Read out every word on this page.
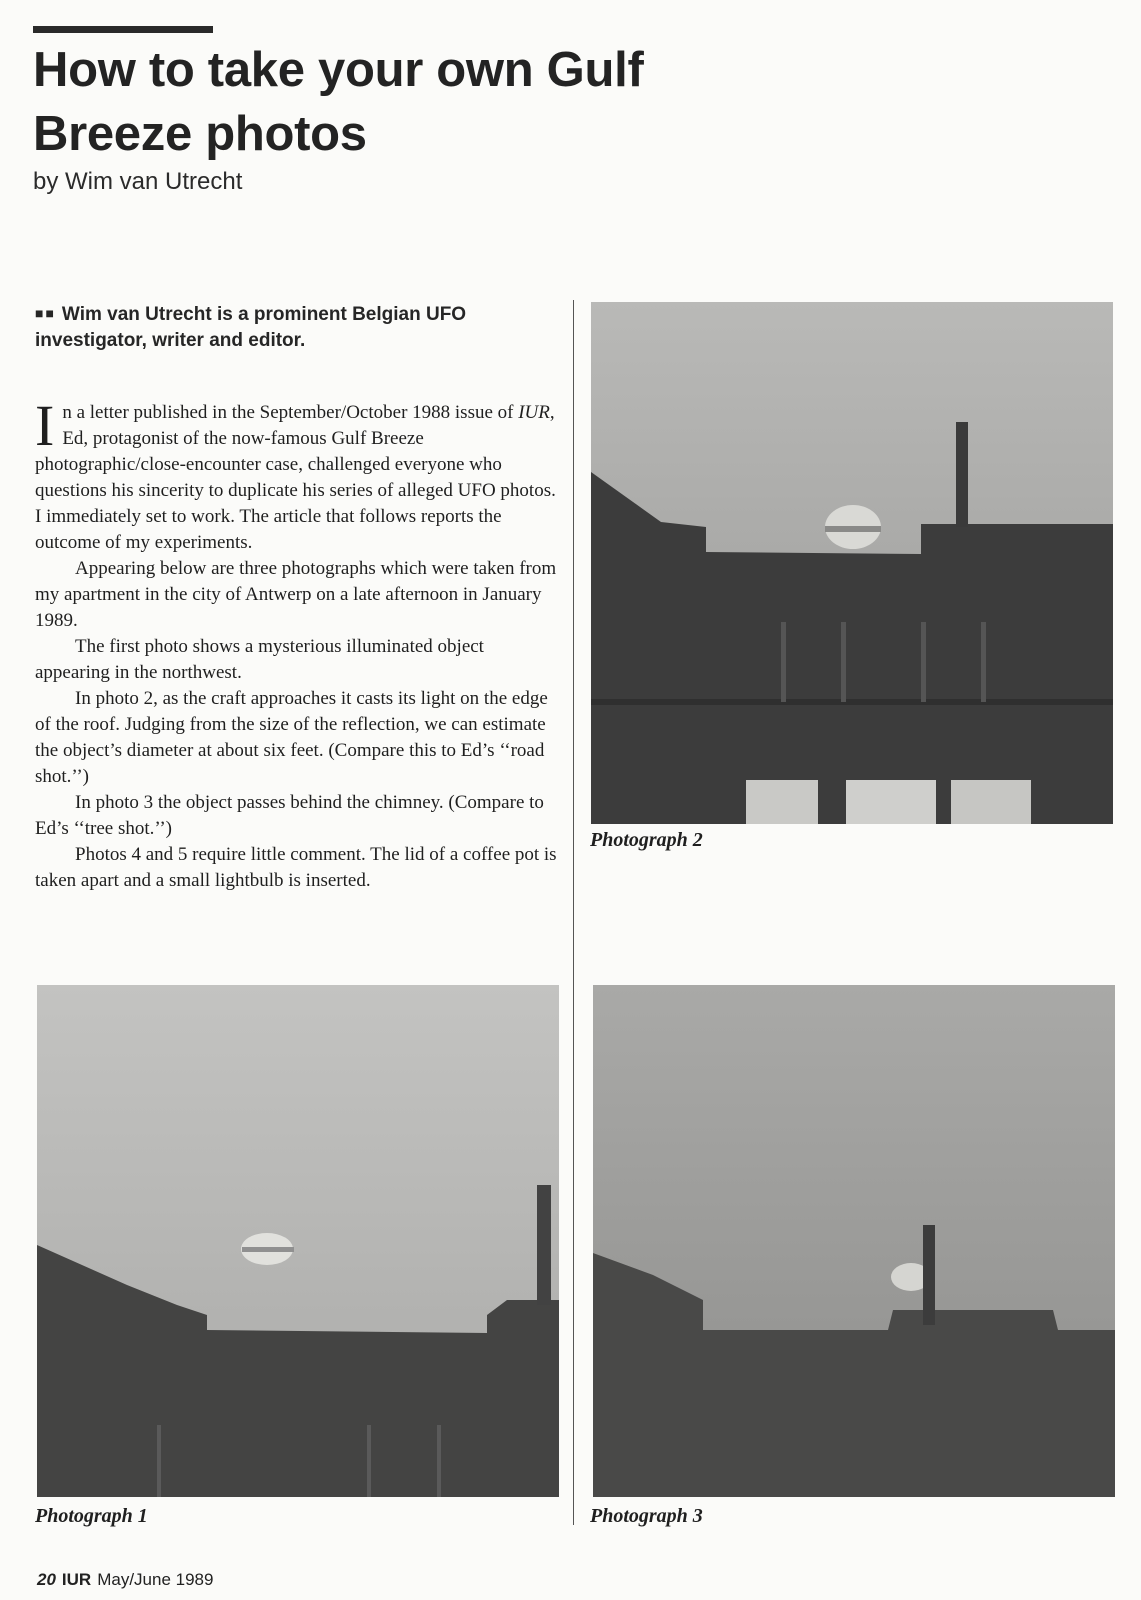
How to take your own Gulf Breeze photos

by Wim van Utrecht

■■ Wim van Utrecht is a prominent Belgian UFO investigator, writer and editor.

In a letter published in the September/October 1988 issue of IUR, Ed, protagonist of the now-famous Gulf Breeze photographic/close-encounter case, challenged everyone who questions his sincerity to duplicate his series of alleged UFO photos. I immediately set to work. The article that follows reports the outcome of my experiments.

Appearing below are three photographs which were taken from my apartment in the city of Antwerp on a late afternoon in January 1989.

The first photo shows a mysterious illuminated object appearing in the northwest.

In photo 2, as the craft approaches it casts its light on the edge of the roof. Judging from the size of the reflection, we can estimate the object’s diameter at about six feet. (Compare this to Ed’s ‘‘road shot.’’)

In photo 3 the object passes behind the chimney. (Compare to Ed’s ‘‘tree shot.’’)

Photos 4 and 5 require little comment. The lid of a coffee pot is taken apart and a small lightbulb is inserted.

Photograph 2

Photograph 1	Photograph 3

20 IUR May/June 1989
